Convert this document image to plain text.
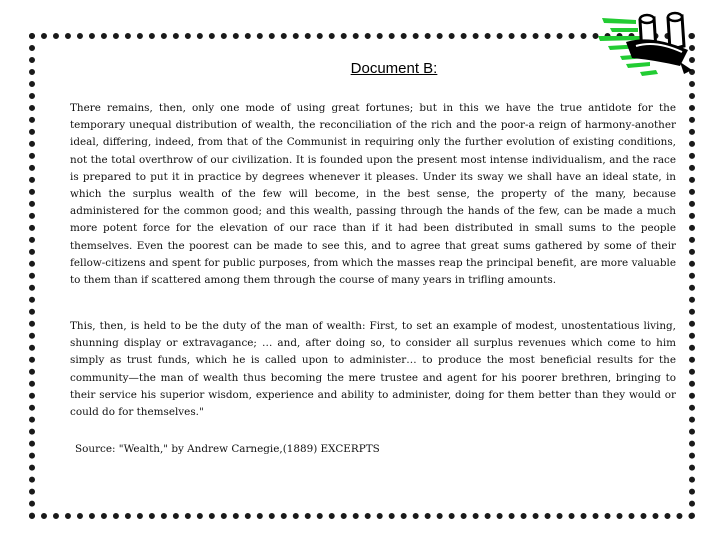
Document B:
There remains, then, only one mode of using great fortunes; but in this we have the true antidote for the temporary unequal distribution of wealth, the reconciliation of the rich and the poor-a reign of harmony-another ideal, differing, indeed, from that of the Communist in requiring only the further evolution of existing conditions, not the total overthrow of our civilization. It is founded upon the present most intense individualism, and the race is prepared to put it in practice by degrees whenever it pleases. Under its sway we shall have an ideal state, in which the surplus wealth of the few will become, in the best sense, the property of the many, because administered for the common good; and this wealth, passing through the hands of the few, can be made a much more potent force for the elevation of our race than if it had been distributed in small sums to the people themselves. Even the poorest can be made to see this, and to agree that great sums gathered by some of their fellow-citizens and spent for public purposes, from which the masses reap the principal benefit, are more valuable to them than if scattered among them through the course of many years in trifling amounts.
This, then, is held to be the duty of the man of wealth: First, to set an example of modest, unostentatious living, shunning display or extravagance; … and, after doing so, to consider all surplus revenues which come to him simply as trust funds, which he is called upon to administer… to produce the most beneficial results for the community—the man of wealth thus becoming the mere trustee and agent for his poorer brethren, bringing to their service his superior wisdom, experience and ability to administer, doing for them better than they would or could do for themselves."
Source: "Wealth," by Andrew Carnegie,(1889) EXCERPTS
